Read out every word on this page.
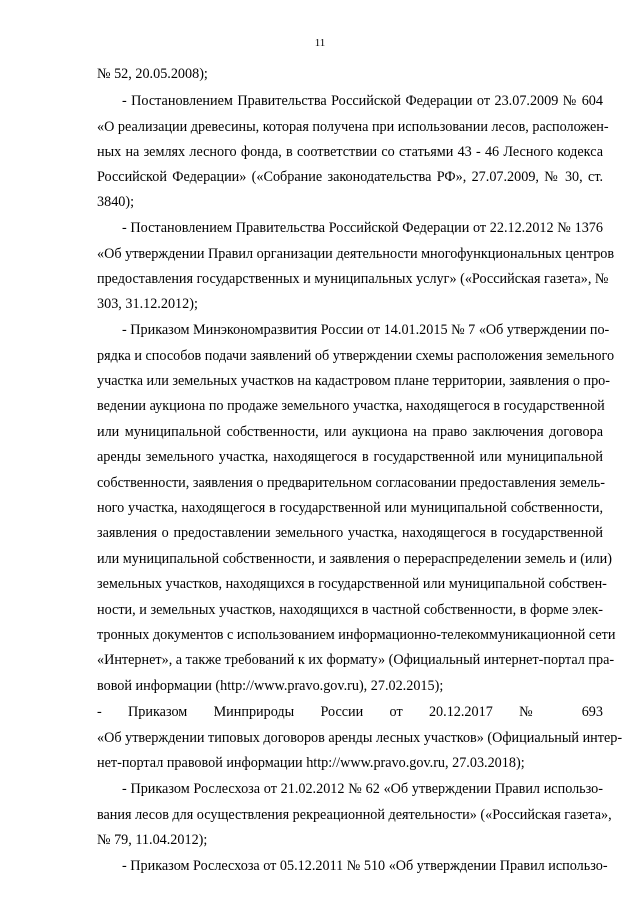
11
№ 52, 20.05.2008);
- Постановлением Правительства Российской Федерации от 23.07.2009 № 604
«О реализации древесины, которая получена при использовании лесов, расположен-
ных на землях лесного фонда, в соответствии со статьями 43 - 46 Лесного кодекса
Российской Федерации» («Собрание законодательства РФ», 27.07.2009, № 30, ст.
3840);
- Постановлением Правительства Российской Федерации от 22.12.2012 № 1376
«Об утверждении Правил организации деятельности многофункциональных центров
предоставления государственных и муниципальных услуг» («Российская газета», №
303, 31.12.2012);
- Приказом Минэкономразвития России от 14.01.2015 № 7 «Об утверждении по-
рядка и способов подачи заявлений об утверждении схемы расположения земельного
участка или земельных участков на кадастровом плане территории, заявления о про-
ведении аукциона по продаже земельного участка, находящегося в государственной
или муниципальной собственности, или аукциона на право заключения договора
аренды земельного участка, находящегося в государственной или муниципальной
собственности, заявления о предварительном согласовании предоставления земель-
ного участка, находящегося в государственной или муниципальной собственности,
заявления о предоставлении земельного участка, находящегося в государственной
или муниципальной собственности, и заявления о перераспределении земель и (или)
земельных участков, находящихся в государственной или муниципальной собствен-
ности, и земельных участков, находящихся в частной собственности, в форме элек-
тронных документов с использованием информационно-телекоммуникационной сети
«Интернет», а также требований к их формату» (Официальный интернет-портал пра-
вовой информации (http://www.pravo.gov.ru), 27.02.2015);
- Приказом Минприроды России от 20.12.2017 № 693
«Об утверждении типовых договоров аренды лесных участков» (Официальный интер-
нет-портал правовой информации http://www.pravo.gov.ru, 27.03.2018);
- Приказом Рослесхоза от 21.02.2012 № 62 «Об утверждении Правил использо-
вания лесов для осуществления рекреационной деятельности» («Российская газета»,
№ 79, 11.04.2012);
- Приказом Рослесхоза от 05.12.2011 № 510 «Об утверждении Правил использо-
